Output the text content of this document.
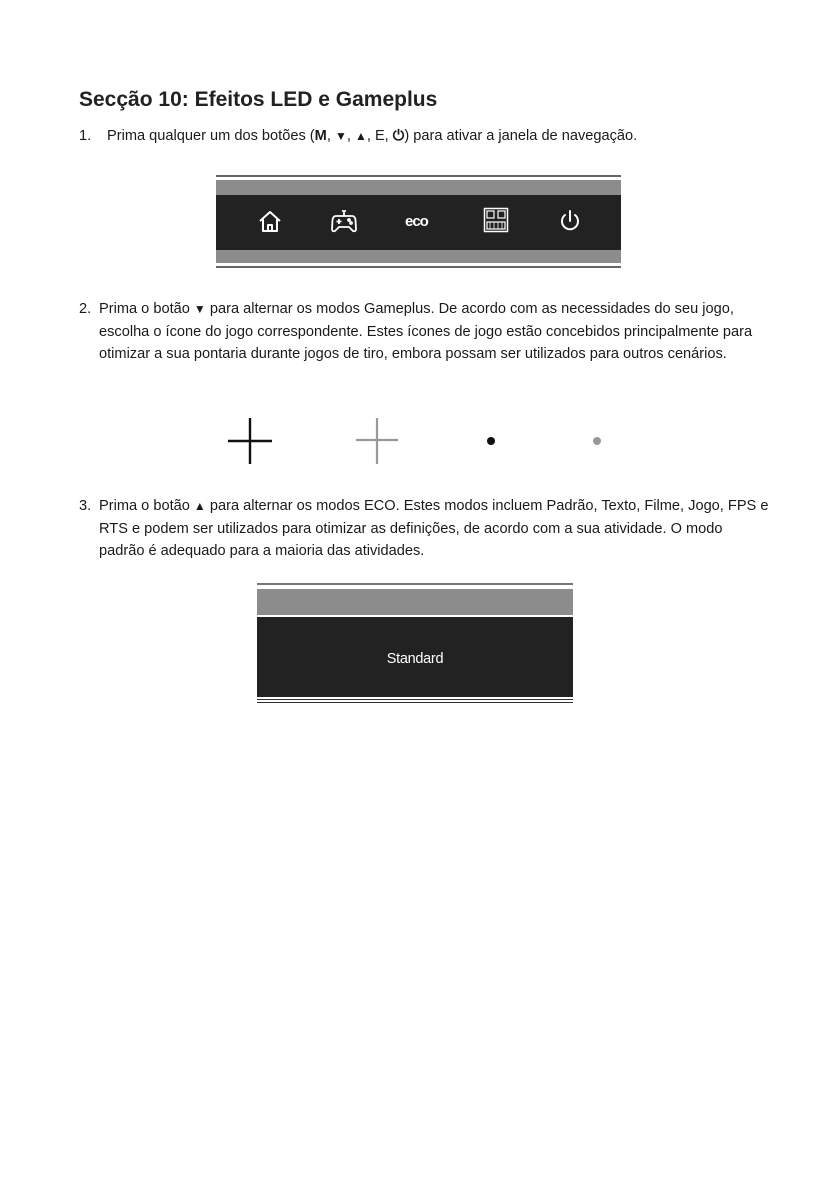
Secção 10: Efeitos LED e Gameplus
1.	Prima qualquer um dos botões (M, ▼, ▲, E, ⏻) para ativar a janela de navegação.
eco
2. Prima o botão ▼ para alternar os modos Gameplus. De acordo com as necessidades do seu jogo, escolha o ícone do jogo correspondente. Estes ícones de jogo estão concebidos principalmente para otimizar a sua pontaria durante jogos de tiro, embora possam ser utilizados para outros cenários.
3. Prima o botão ▲ para alternar os modos ECO. Estes modos incluem Padrão, Texto, Filme, Jogo, FPS e RTS e podem ser utilizados para otimizar as definições, de acordo com a sua atividade. O modo padrão é adequado para a maioria das atividades.
Standard
